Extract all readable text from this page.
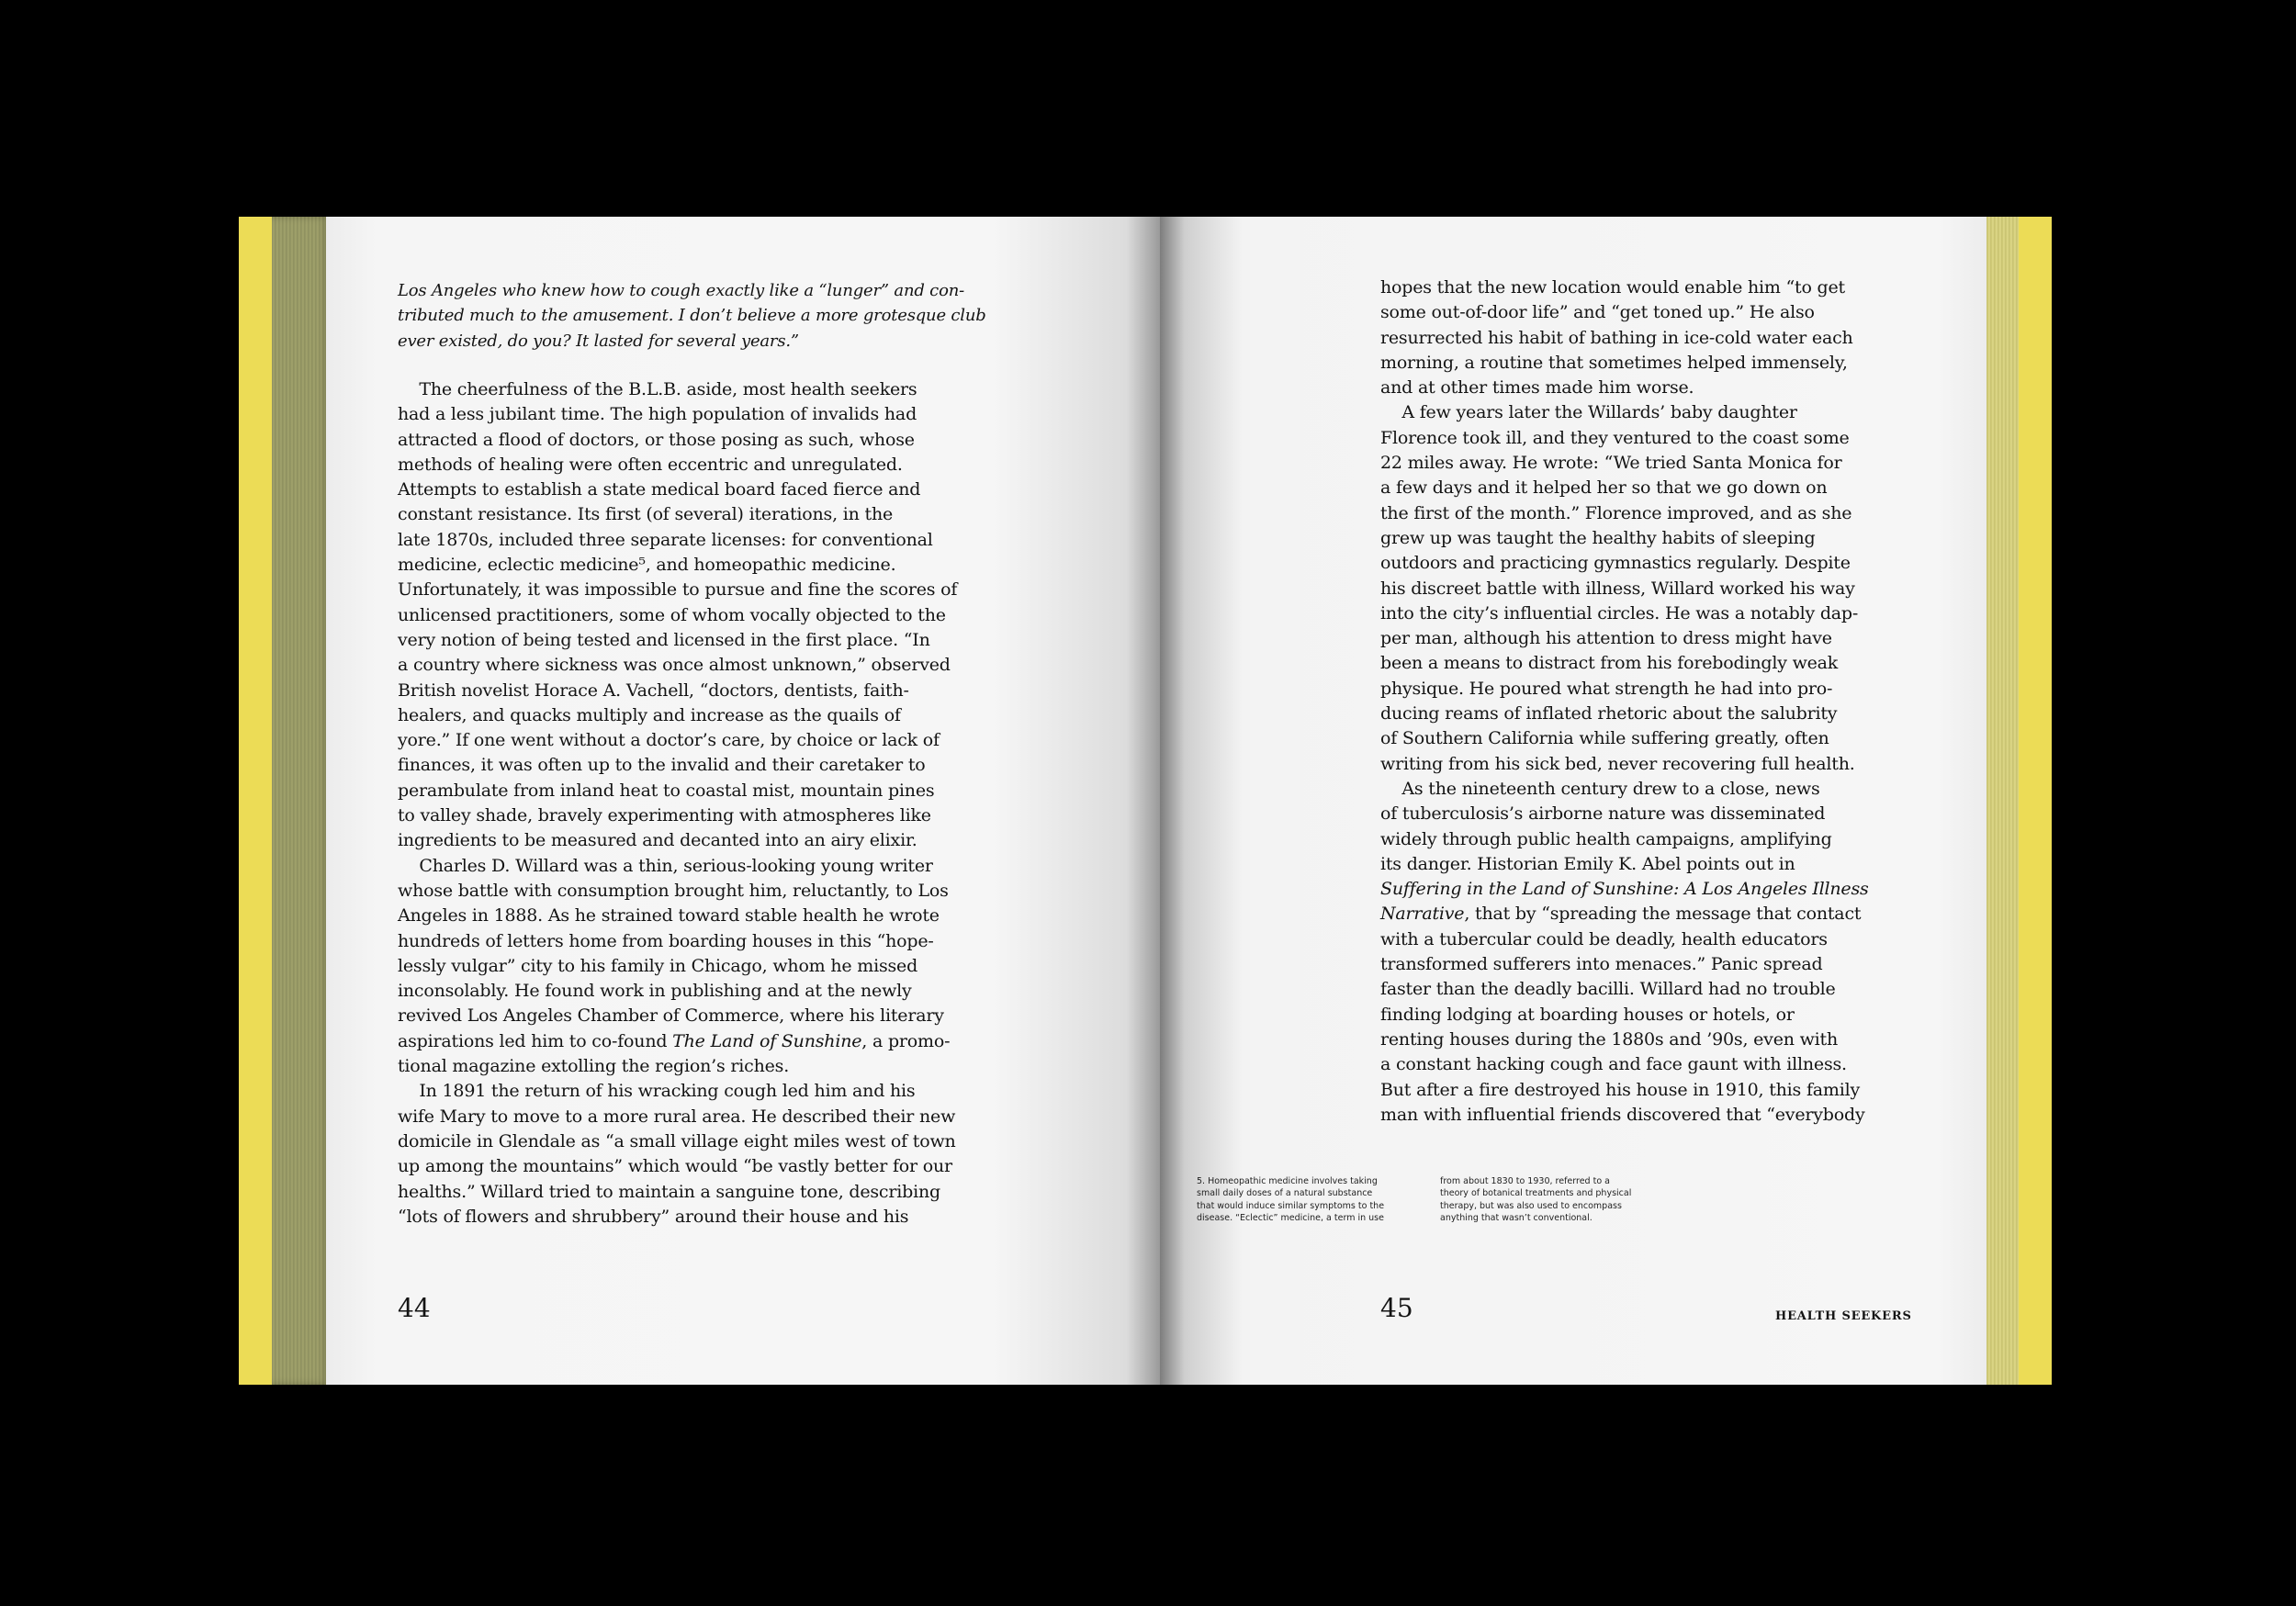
Los Angeles who knew how to cough exactly like a “lunger” and con-
tributed much to the amusement. I don’t believe a more grotesque club
ever existed, do you? It lasted for several years.”
The cheerfulness of the B.L.B. aside, most health seekers
had a less jubilant time. The high population of invalids had
attracted a flood of doctors, or those posing as such, whose
methods of healing were often eccentric and unregulated.
Attempts to establish a state medical board faced fierce and
constant resistance. Its first (of several) iterations, in the
late 1870s, included three separate licenses: for conventional
medicine, eclectic medicine⁵, and homeopathic medicine.
Unfortunately, it was impossible to pursue and fine the scores of
unlicensed practitioners, some of whom vocally objected to the
very notion of being tested and licensed in the first place. “In
a country where sickness was once almost unknown,” observed
British novelist Horace A. Vachell, “doctors, dentists, faith-
healers, and quacks multiply and increase as the quails of
yore.” If one went without a doctor’s care, by choice or lack of
finances, it was often up to the invalid and their caretaker to
perambulate from inland heat to coastal mist, mountain pines
to valley shade, bravely experimenting with atmospheres like
ingredients to be measured and decanted into an airy elixir.
Charles D. Willard was a thin, serious-looking young writer
whose battle with consumption brought him, reluctantly, to Los
Angeles in 1888. As he strained toward stable health he wrote
hundreds of letters home from boarding houses in this “hope-
lessly vulgar” city to his family in Chicago, whom he missed
inconsolably. He found work in publishing and at the newly
revived Los Angeles Chamber of Commerce, where his literary
aspirations led him to co-found The Land of Sunshine, a promo-
tional magazine extolling the region’s riches.
In 1891 the return of his wracking cough led him and his
wife Mary to move to a more rural area. He described their new
domicile in Glendale as “a small village eight miles west of town
up among the mountains” which would “be vastly better for our
healths.” Willard tried to maintain a sanguine tone, describing
“lots of flowers and shrubbery” around their house and his
44
hopes that the new location would enable him “to get
some out-of-door life” and “get toned up.” He also
resurrected his habit of bathing in ice-cold water each
morning, a routine that sometimes helped immensely,
and at other times made him worse.
A few years later the Willards’ baby daughter
Florence took ill, and they ventured to the coast some
22 miles away. He wrote: “We tried Santa Monica for
a few days and it helped her so that we go down on
the first of the month.” Florence improved, and as she
grew up was taught the healthy habits of sleeping
outdoors and practicing gymnastics regularly. Despite
his discreet battle with illness, Willard worked his way
into the city’s influential circles. He was a notably dap-
per man, although his attention to dress might have
been a means to distract from his forebodingly weak
physique. He poured what strength he had into pro-
ducing reams of inflated rhetoric about the salubrity
of Southern California while suffering greatly, often
writing from his sick bed, never recovering full health.
As the nineteenth century drew to a close, news
of tuberculosis’s airborne nature was disseminated
widely through public health campaigns, amplifying
its danger. Historian Emily K. Abel points out in
Suffering in the Land of Sunshine: A Los Angeles Illness
Narrative, that by “spreading the message that contact
with a tubercular could be deadly, health educators
transformed sufferers into menaces.” Panic spread
faster than the deadly bacilli. Willard had no trouble
finding lodging at boarding houses or hotels, or
renting houses during the 1880s and ’90s, even with
a constant hacking cough and face gaunt with illness.
But after a fire destroyed his house in 1910, this family
man with influential friends discovered that “everybody
5. Homeopathic medicine involves taking
small daily doses of a natural substance
that would induce similar symptoms to the
disease. “Eclectic” medicine, a term in use
from about 1830 to 1930, referred to a
theory of botanical treatments and physical
therapy, but was also used to encompass
anything that wasn’t conventional.
45	HEALTH SEEKERS
